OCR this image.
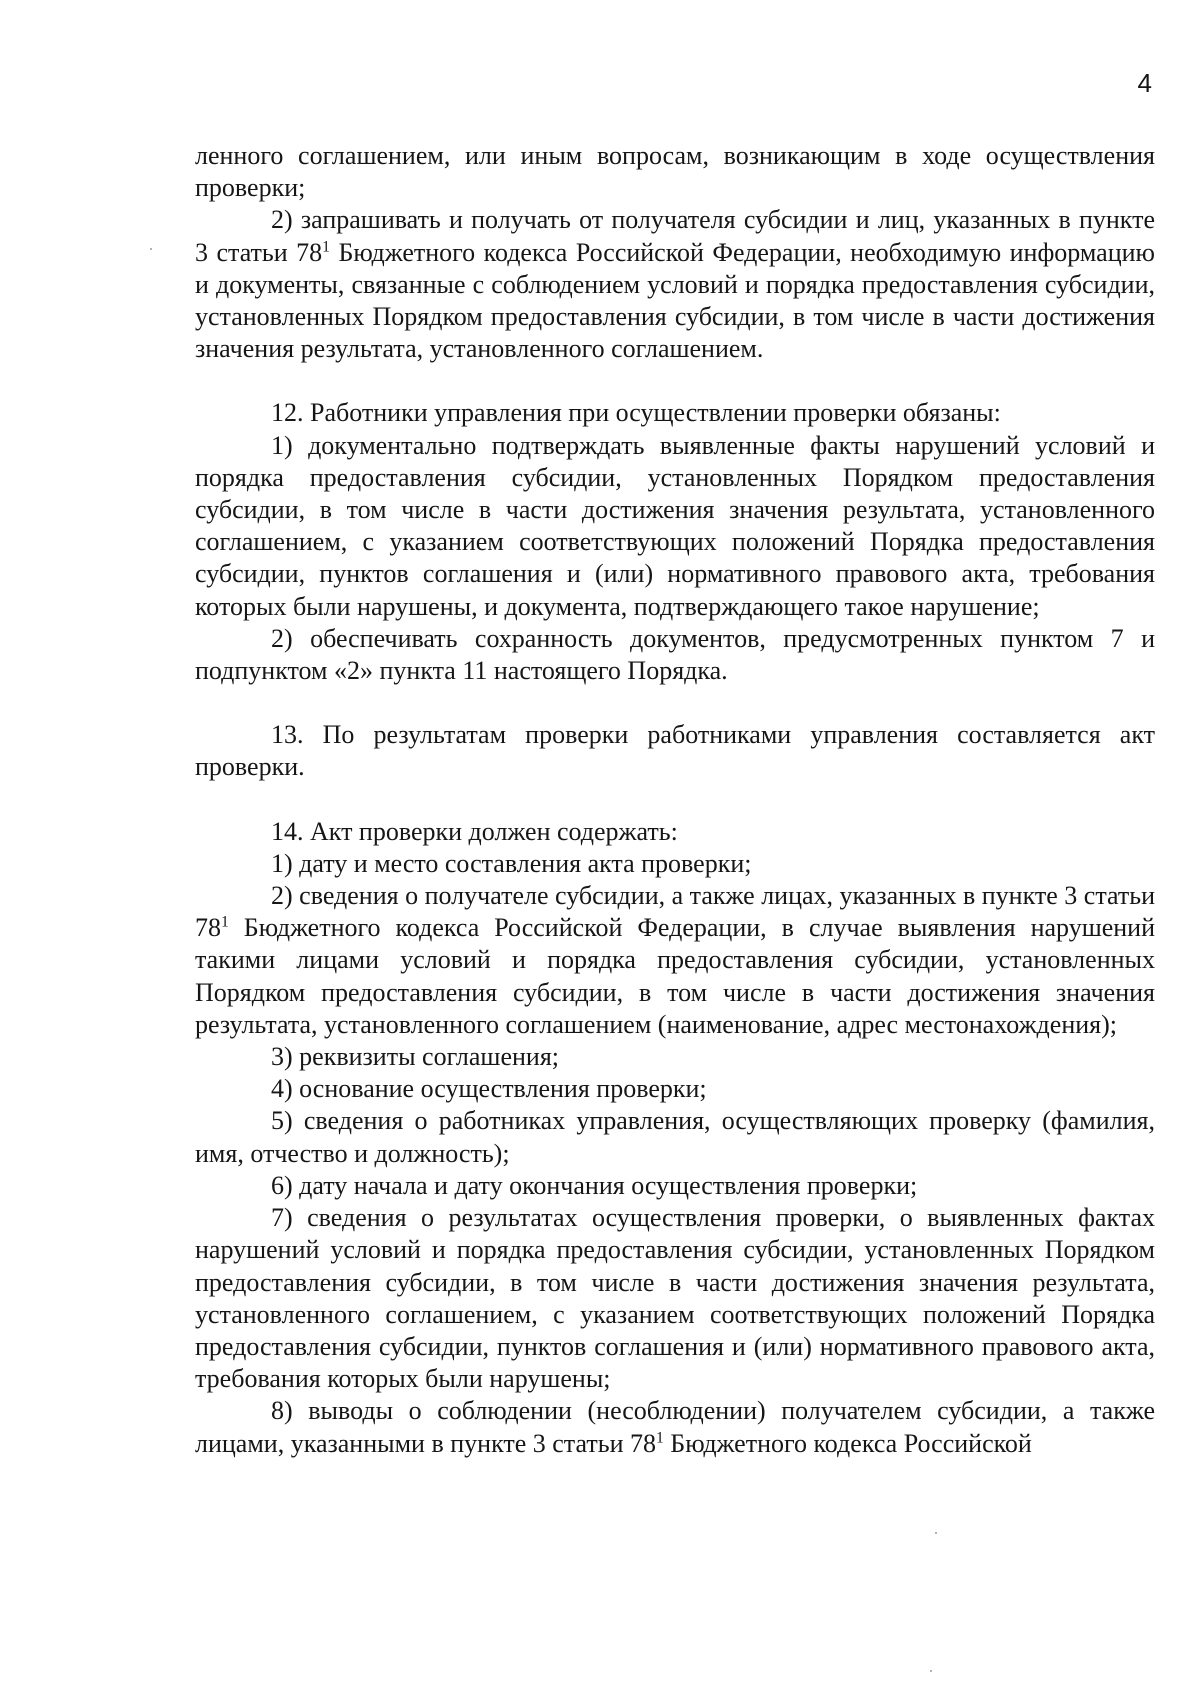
4

ленного соглашением, или иным вопросам, возникающим в ходе осуществления проверки;

2) запрашивать и получать от получателя субсидии и лиц, указанных в пункте 3 статьи $78^1$ Бюджетного кодекса Российской Федерации, необходимую информацию и документы, связанные с соблюдением условий и порядка предоставления субсидии, установленных Порядком предоставления субсидии, в том числе в части достижения значения результата, установленного соглашением.

12. Работники управления при осуществлении проверки обязаны:

1) документально подтверждать выявленные факты нарушений условий и порядка предоставления субсидии, установленных Порядком предоставления субсидии, в том числе в части достижения значения результата, установленного соглашением, с указанием соответствующих положений Порядка предоставления субсидии, пунктов соглашения и (или) нормативного правового акта, требования которых были нарушены, и документа, подтверждающего такое нарушение;

2) обеспечивать сохранность документов, предусмотренных пунктом 7 и подпунктом «2» пункта 11 настоящего Порядка.

13. По результатам проверки работниками управления составляется акт проверки.

14. Акт проверки должен содержать:

1) дату и место составления акта проверки;

2) сведения о получателе субсидии, а также лицах, указанных в пункте 3 статьи $78^1$ Бюджетного кодекса Российской Федерации, в случае выявления нарушений такими лицами условий и порядка предоставления субсидии, установленных Порядком предоставления субсидии, в том числе в части достижения значения результата, установленного соглашением (наименование, адрес местонахождения);

3) реквизиты соглашения;

4) основание осуществления проверки;

5) сведения о работниках управления, осуществляющих проверку (фамилия, имя, отчество и должность);

6) дату начала и дату окончания осуществления проверки;

7) сведения о результатах осуществления проверки, о выявленных фактах нарушений условий и порядка предоставления субсидии, установленных Порядком предоставления субсидии, в том числе в части достижения значения результата, установленного соглашением, с указанием соответствующих положений Порядка предоставления субсидии, пунктов соглашения и (или) нормативного правового акта, требования которых были нарушены;

8) выводы о соблюдении (несоблюдении) получателем субсидии, а также лицами, указанными в пункте 3 статьи $78^1$ Бюджетного кодекса Российской
